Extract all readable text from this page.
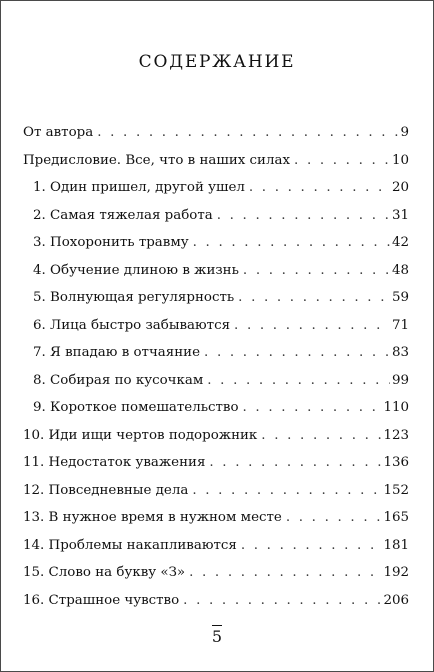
СОДЕРЖАНИЕ
От автора . . .	9
Предисловие. Все, что в наших силах . . .	10
1. Один пришел, другой ушел . . .	20
2. Самая тяжелая работа . . .	31
3. Похоронить травму . . .	42
4. Обучение длиною в жизнь . . .	48
5. Волнующая регулярность . . .	59
6. Лица быстро забываются . . .	71
7. Я впадаю в отчаяние . . .	83
8. Собирая по кусочкам . . .	99
9. Короткое помешательство . . .	110
10. Иди ищи чертов подорожник . . .	123
11. Недостаток уважения . . .	136
12. Повседневные дела . . .	152
13. В нужное время в нужном месте . . .	165
14. Проблемы накапливаются . . .	181
15. Слово на букву «З» . . .	192
16. Страшное чувство . . .	206
5
